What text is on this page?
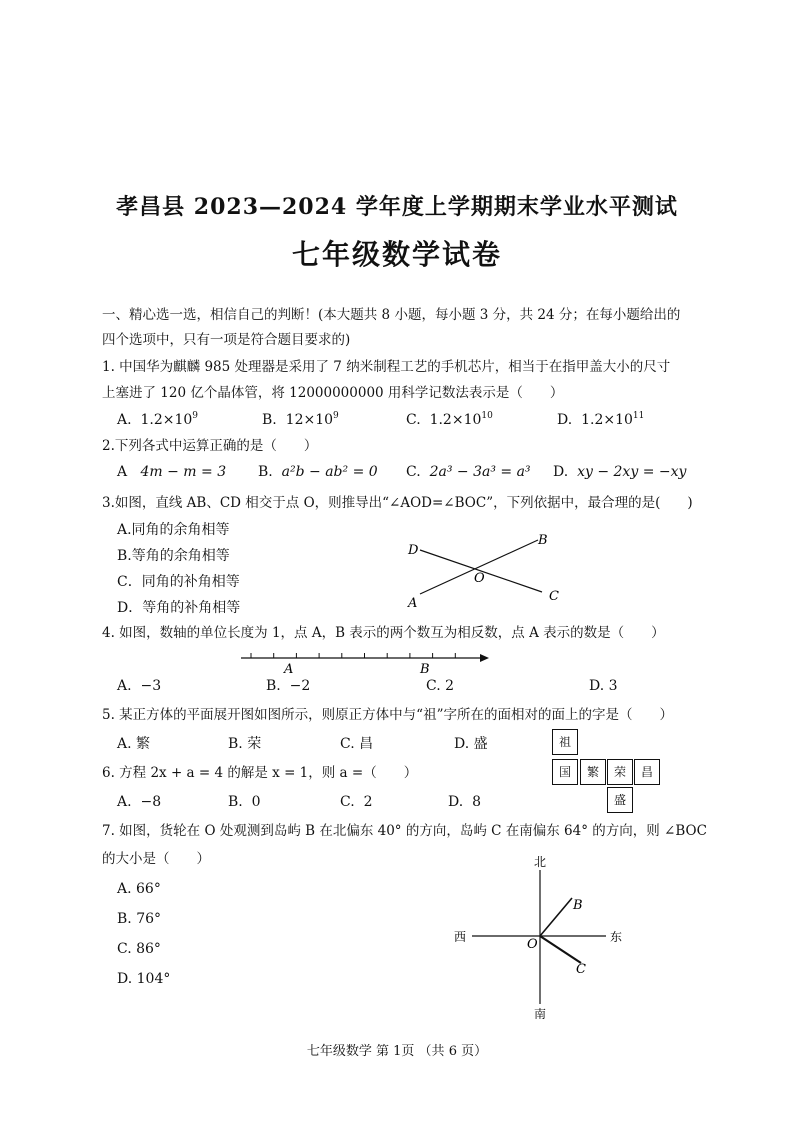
孝昌县 2023—2024 学年度上学期期末学业水平测试
七年级数学试卷
一、精心选一选，相信自己的判断！(本大题共 8 小题，每小题 3 分，共 24 分；在每小题给出的
四个选项中，只有一项是符合题目要求的)
1. 中国华为麒麟 985 处理器是采用了 7 纳米制程工艺的手机芯片，相当于在指甲盖大小的尺寸
上塞进了 120 亿个晶体管，将 12000000000 用科学记数法表示是（　　）
A. $1.2\times 10^9$	B. $12\times 10^9$	C. $1.2\times 10^{10}$	D. $1.2\times 10^{11}$
2.下列各式中运算正确的是（　　）
A 4m − m = 3 B. a²b − ab² = 0 C. 2a³ − 3a³ = a³ D. xy − 2xy = −xy
3.如图，直线 AB、CD 相交于点 O，则推导出“∠AOD=∠BOC”，下列依据中，最合理的是(　　)
A.同角的余角相等
B.等角的余角相等
C．同角的补角相等
D．等角的补角相等
D
B
O
A	C
4. 如图，数轴的单位长度为 1，点 A，B 表示的两个数互为相反数，点 A 表示的数是（　　）
A	B
A. −3	B. −2	C. 2	D. 3
5. 某正方体的平面展开图如图所示，则原正方体中与“祖”字所在的面相对的面上的字是（　　）
A. 繁	B. 荣	C. 昌	D. 盛	祖
国	繁	荣	昌
盛
6. 方程 2x + a = 4 的解是 x = 1，则 a =（　　）
A. −8	B. 0	C. 2	D. 8
7. 如图，货轮在 O 处观测到岛屿 B 在北偏东 40° 的方向，岛屿 C 在南偏东 64° 的方向，则 ∠BOC
的大小是（　　）
A. 66°
B. 76°
C. 86°
D. 104°
北
南
西	东
O
B
C
七年级数学 第 1页 （共 6 页）
